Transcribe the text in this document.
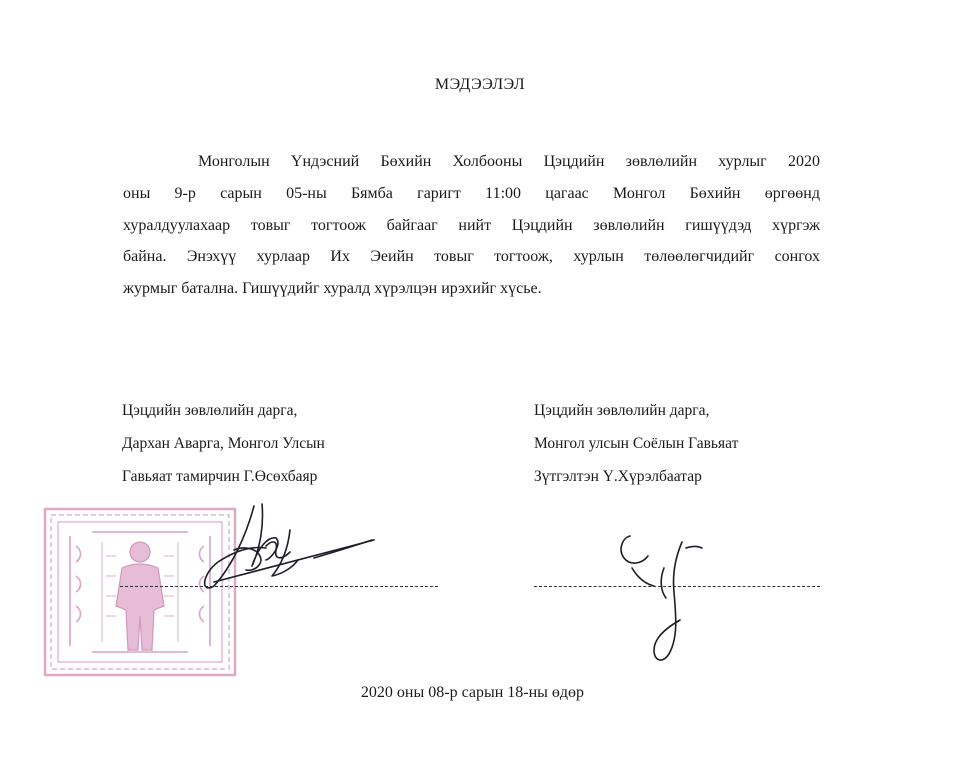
МЭДЭЭЛЭЛ
Монголын Үндэсний Бөхийн Холбооны Цэцдийн зөвлөлийн хурлыг 2020
оны 9-р сарын 05-ны Бямба гаригт 11:00 цагаас Монгол Бөхийн өргөөнд
хуралдуулахаар товыг тогтоож байгааг нийт Цэцдийн зөвлөлийн гишүүдэд хүргэж
байна. Энэхүү хурлаар Их Эеийн товыг тогтоож, хурлын төлөөлөгчидийг сонгох
журмыг батална. Гишүүдийг хуралд хүрэлцэн ирэхийг хүсье.
Цэцдийн зөвлөлийн дарга,
Дархан Аварга, Монгол Улсын
Гавьяат тамирчин Г.Өсөхбаяр
Цэцдийн зөвлөлийн дарга,
Монгол улсын Соёлын Гавьяат
Зүтгэлтэн Ү.Хүрэлбаатар
2020 оны 08-р сарын 18-ны өдөр
